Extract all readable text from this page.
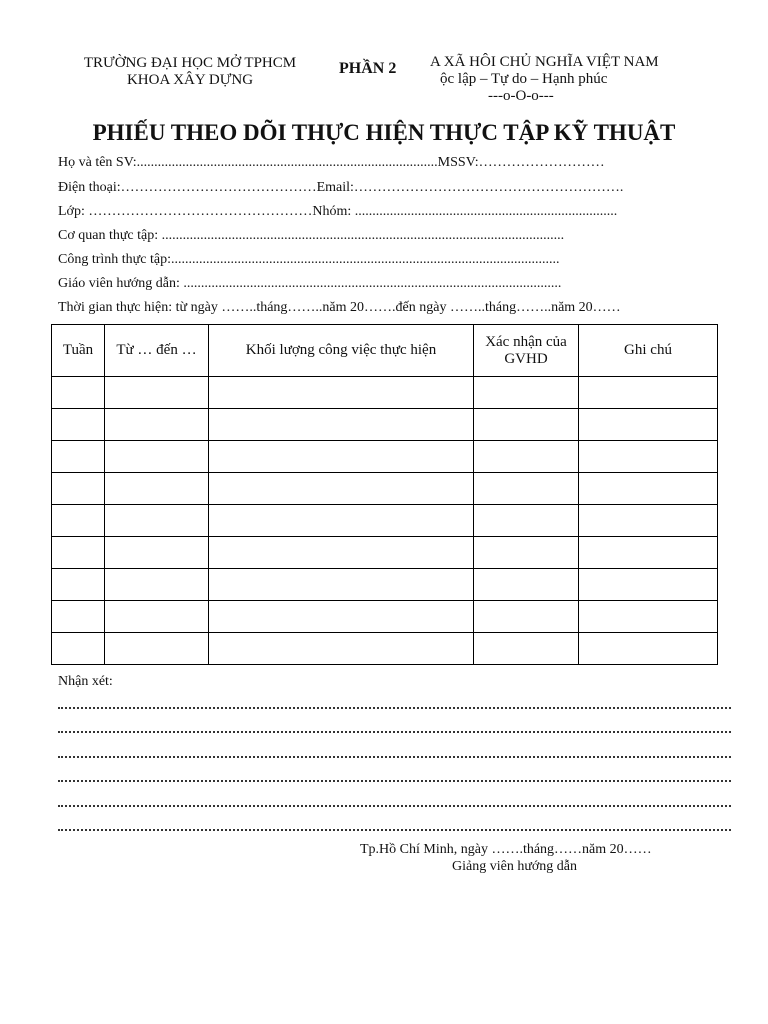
TRƯỜNG ĐẠI HỌC MỞ TPHCM
KHOA XÂY DỰNG
PHẦN 2 A XÃ HÔI CHỦ NGHĨA VIỆT NAM
ộc lập – Tự do – Hạnh phúc
---o-O-o---
PHIẾU THEO DÕI THỰC HIỆN THỰC TẬP KỸ THUẬT
Họ và tên SV:......................................................................................MSSV:………………………
Điện thoại:……………………………………Email:………………………………………………….
Lớp: …………………………………………Nhóm: ...........................................................................
Cơ quan thực tập: ...................................................................................................................
Công trình thực tập:...............................................................................................................
Giáo viên hướng dẫn: ............................................................................................................
Thời gian thực hiện: từ ngày ……..tháng……..năm 20…….đến ngày ……..tháng……..năm 20……
Tuần	Từ … đến …	Khối lượng công việc thực hiện	Xác nhận của GVHD	Ghi chú

Nhận xét:
Tp.Hồ Chí Minh, ngày …….tháng……năm 20……
Giảng viên hướng dẫn
